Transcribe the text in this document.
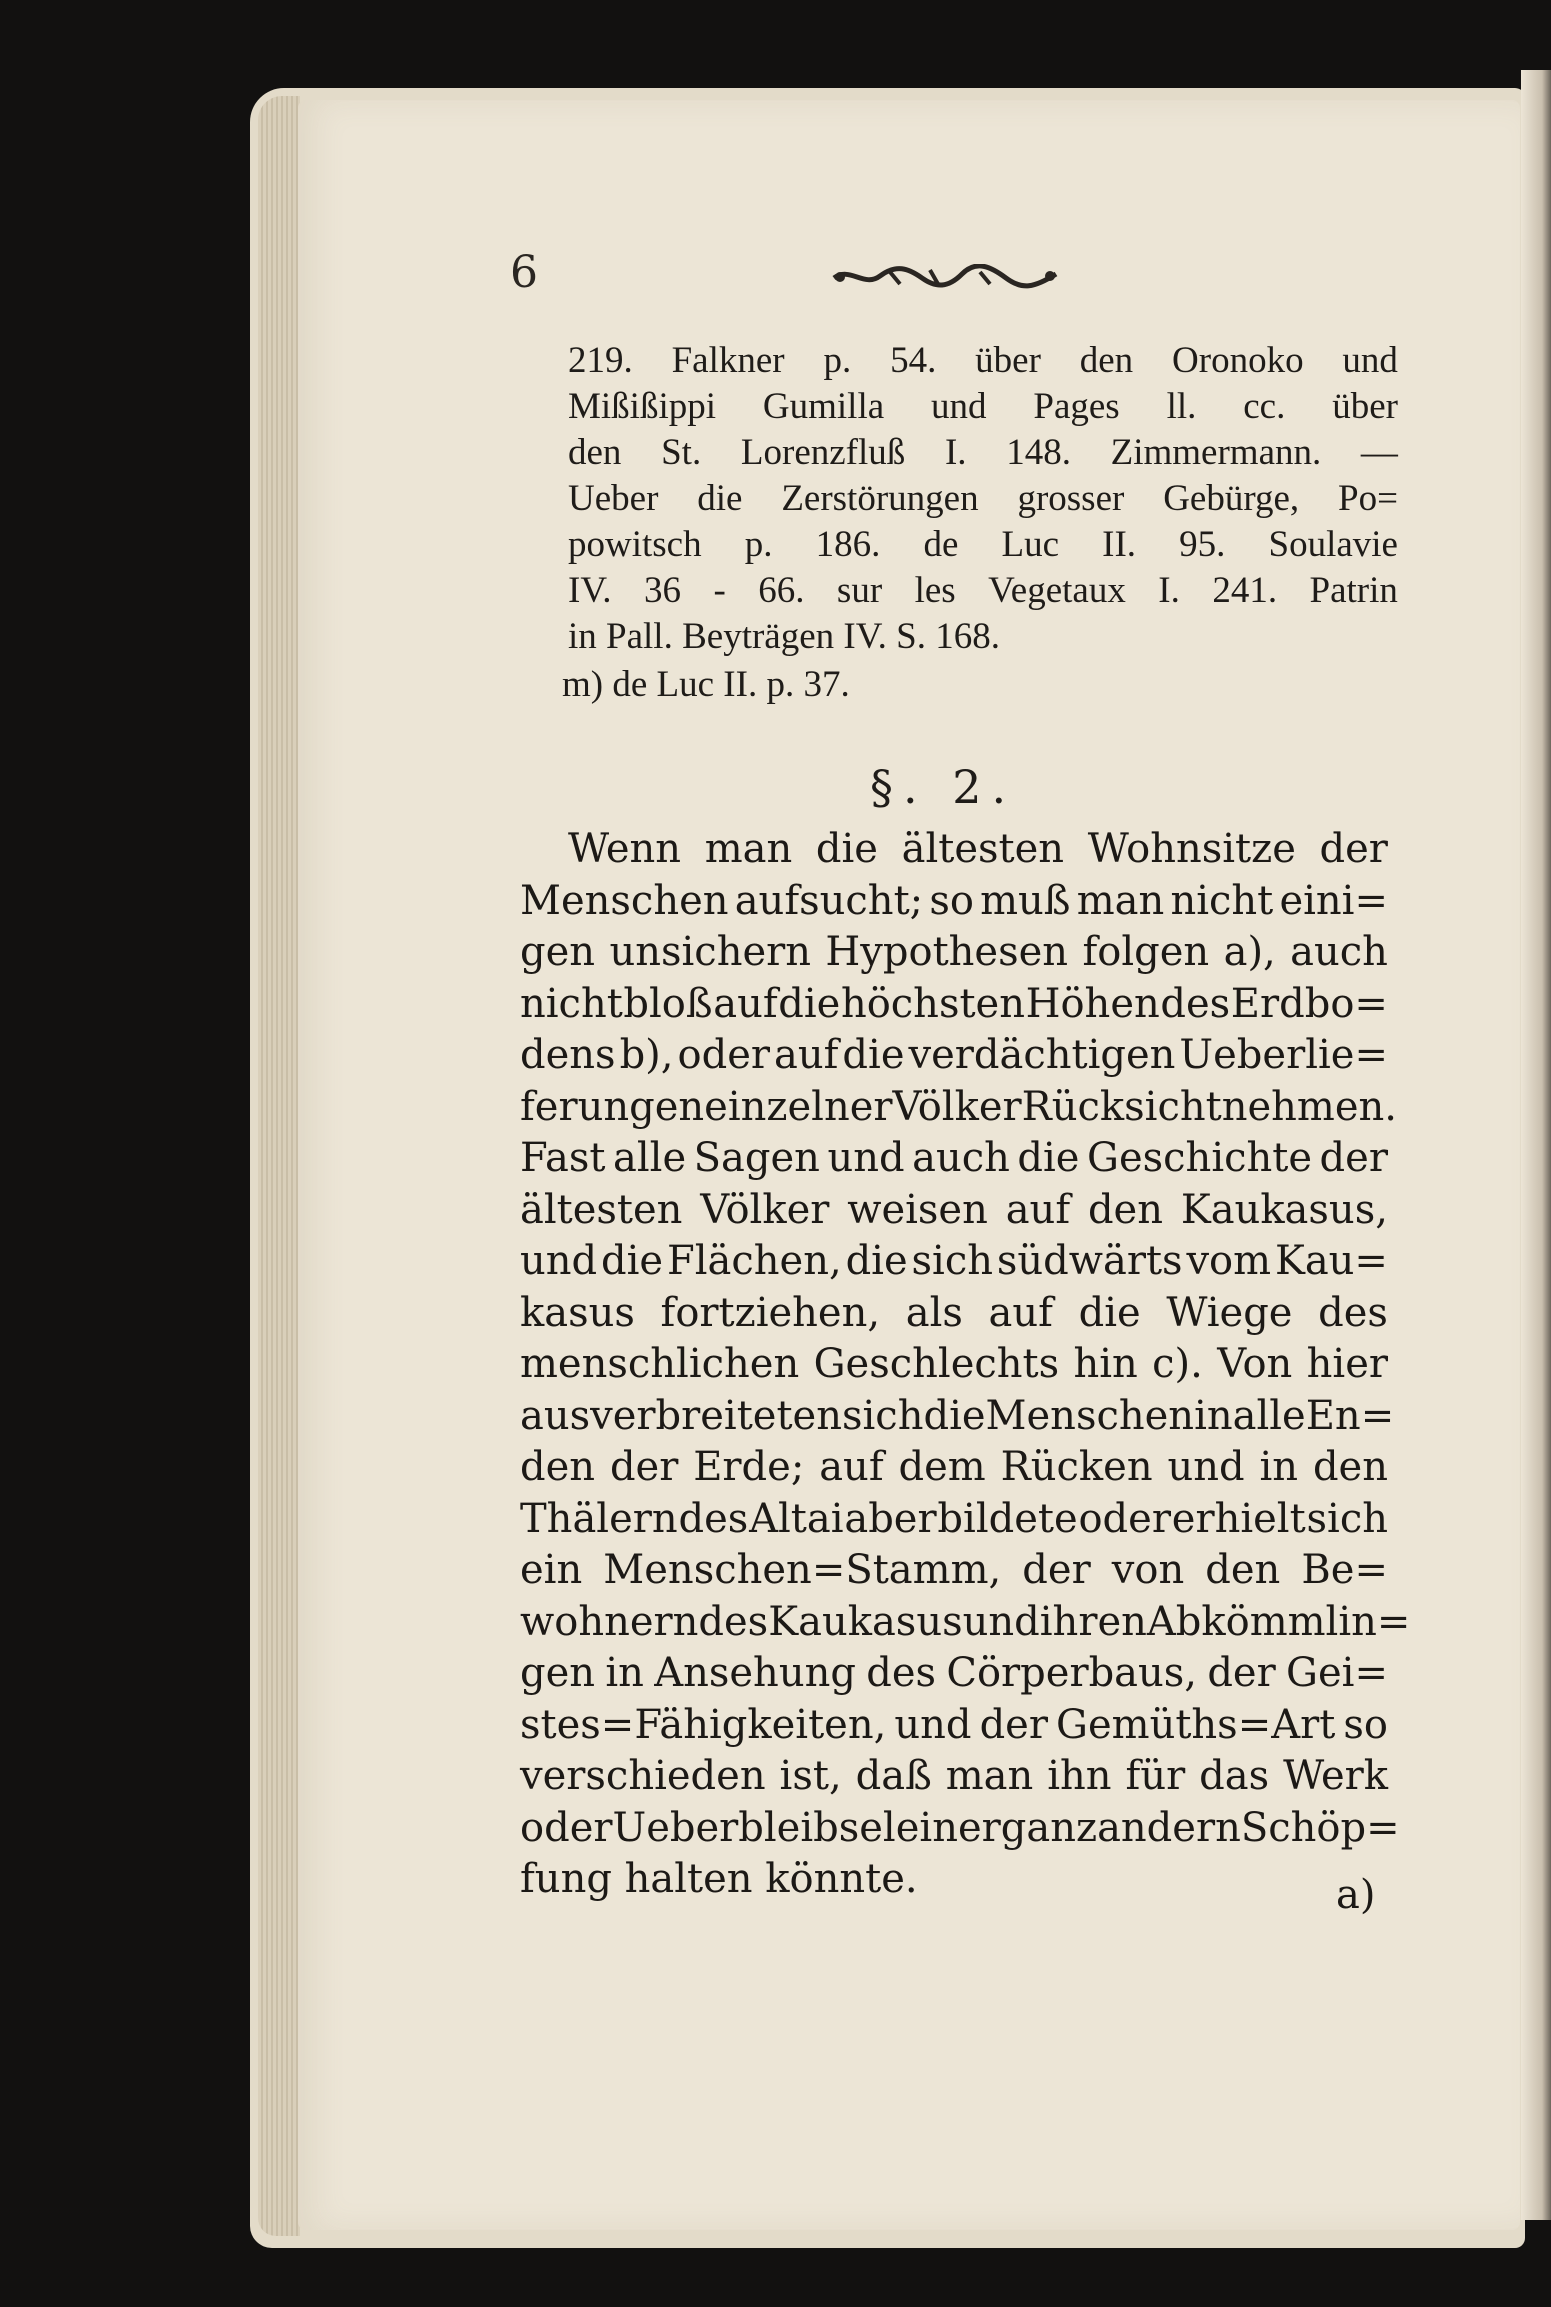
6
219. Falkner p. 54. über den Oronoko und
Mißißippi Gumilla und Pages ll. cc. über
den St. Lorenzfluß I. 148. Zimmermann. —
Ueber die Zerstörungen grosser Gebürge, Po=
powitsch p. 186. de Luc II. 95. Soulavie
IV. 36 - 66. sur les Vegetaux I. 241. Patrin
in Pall. Beyträgen IV. S. 168.
m) de Luc II. p. 37.
§. 2.
Wenn man die ältesten Wohnsitze der
Menschen aufsucht; so muß man nicht eini=
gen unsichern Hypothesen folgen a), auch
nicht bloß auf die höchsten Höhen des Erdbo=
dens b), oder auf die verdächtigen Ueberlie=
ferungen einzelner Völker Rücksicht nehmen.
Fast alle Sagen und auch die Geschichte der
ältesten Völker weisen auf den Kaukasus,
und die Flächen, die sich südwärts vom Kau=
kasus fortziehen, als auf die Wiege des
menschlichen Geschlechts hin c). Von hier
aus verbreiteten sich die Menschen in alle En=
den der Erde; auf dem Rücken und in den
Thälern des Altai aber bildete oder erhielt sich
ein Menschen=Stamm, der von den Be=
wohnern des Kaukasus und ihren Abkömmlin=
gen in Ansehung des Cörperbaus, der Gei=
stes=Fähigkeiten, und der Gemüths=Art so
verschieden ist, daß man ihn für das Werk
oder Ueberbleibsel einer ganz andern Schöp=
fung halten könnte.	a)
